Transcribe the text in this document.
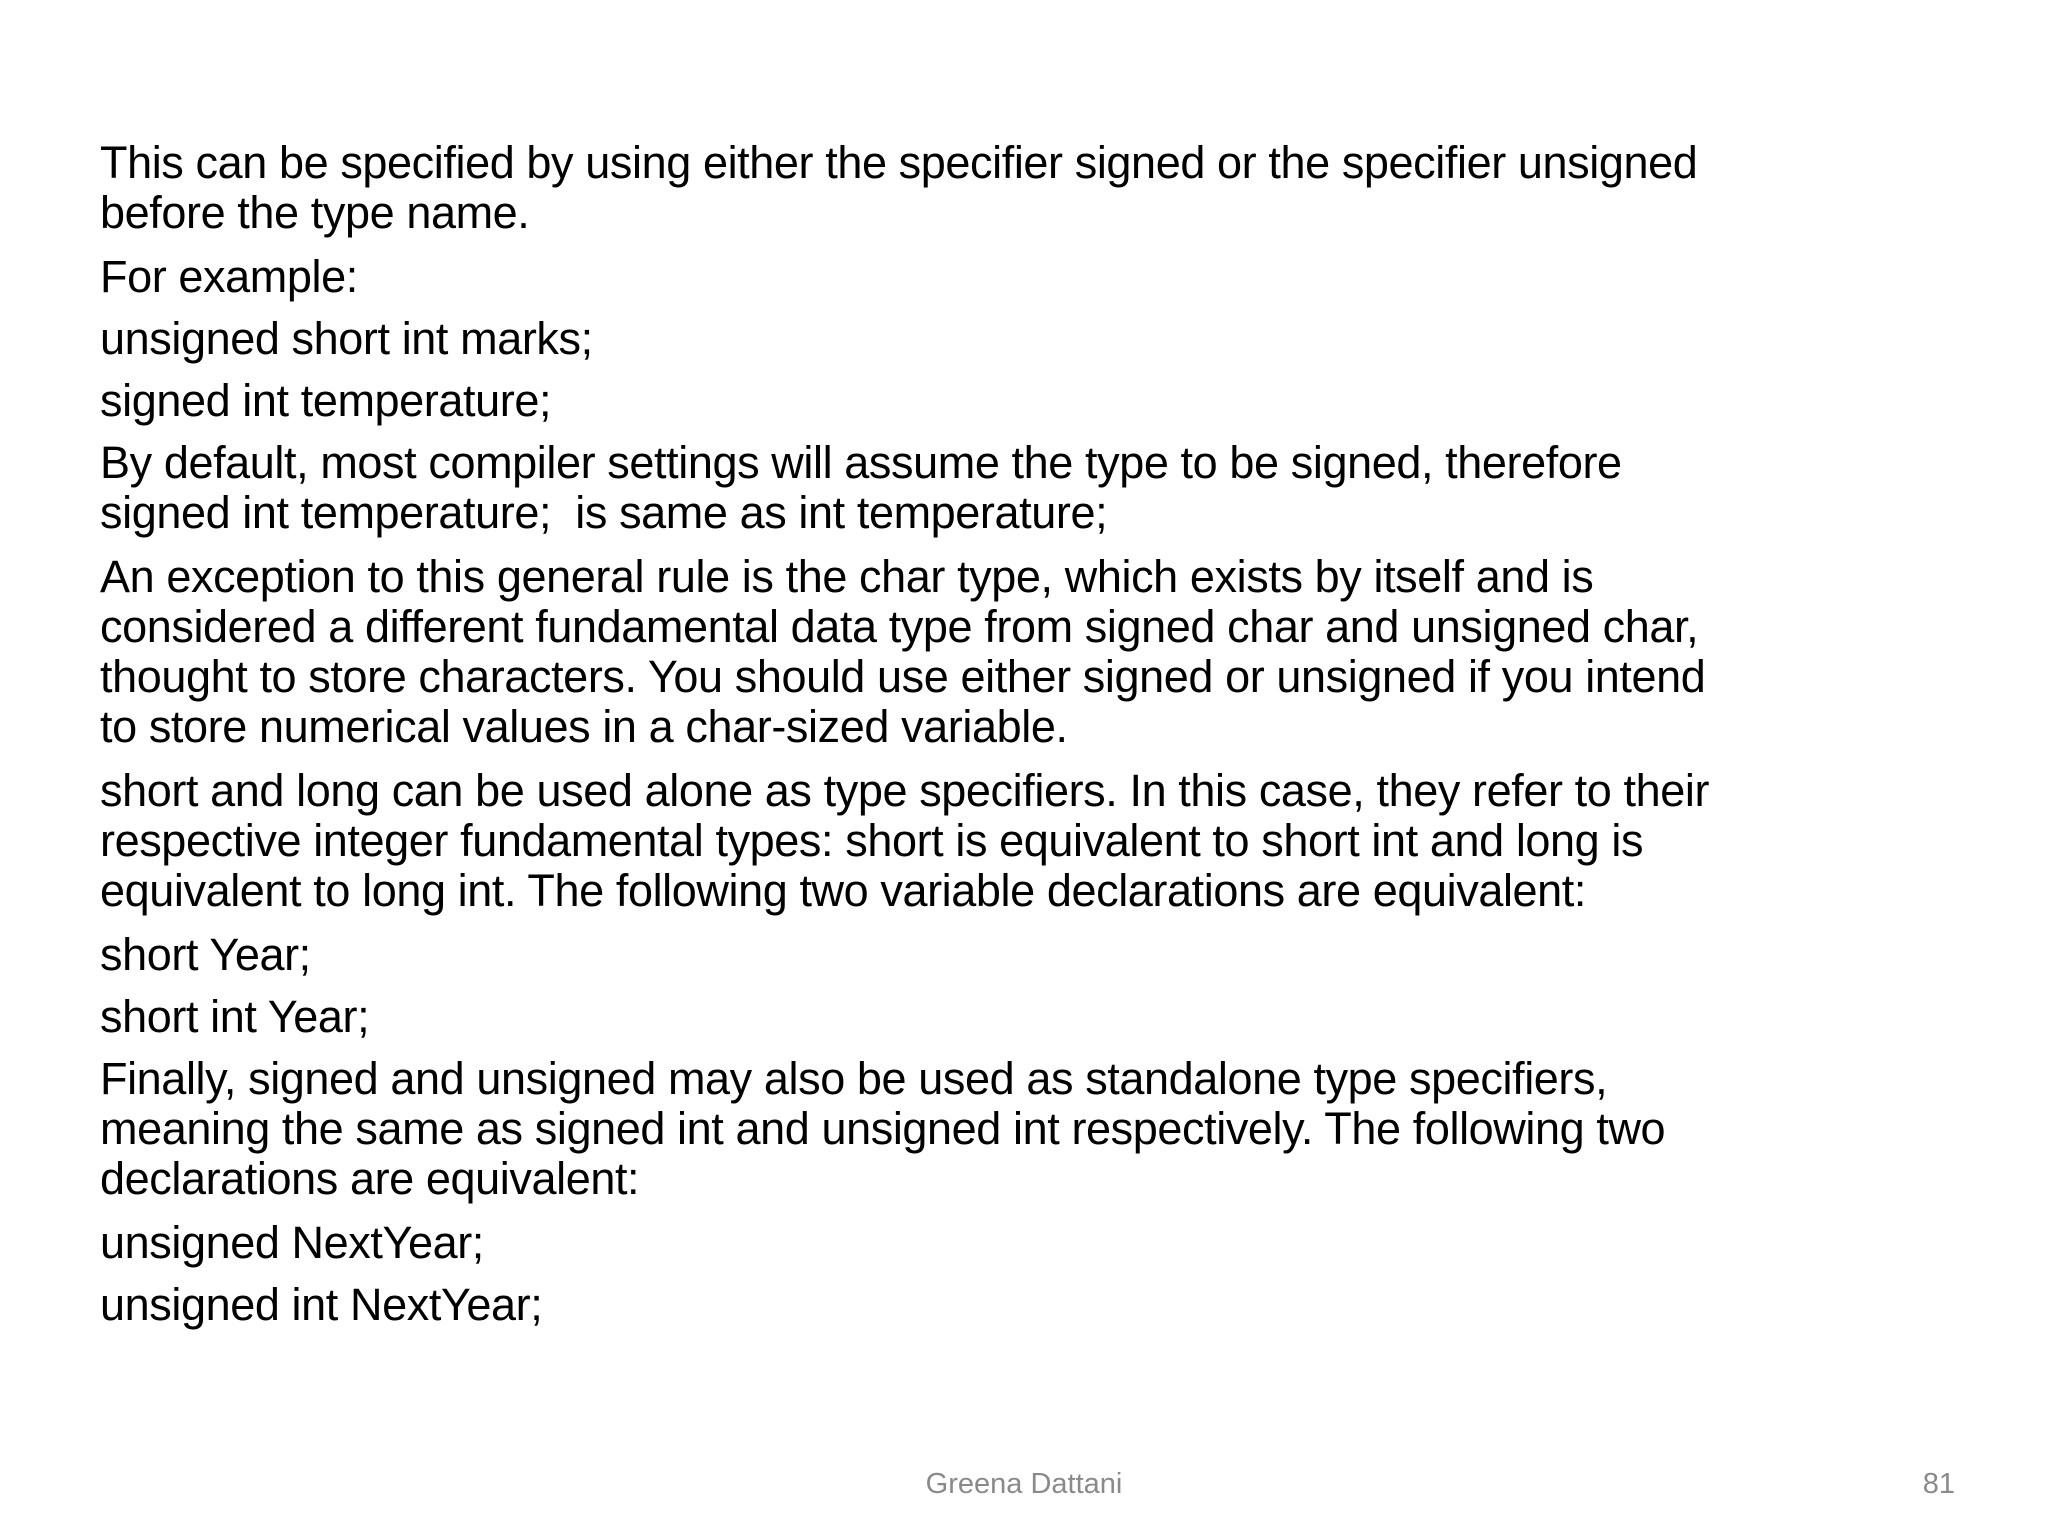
This can be specified by using either the specifier signed or the specifier unsigned
before the type name.

For example:

unsigned short int marks;

signed int temperature;

By default, most compiler settings will assume the type to be signed, therefore
signed int temperature;  is same as int temperature;

An exception to this general rule is the char type, which exists by itself and is
considered a different fundamental data type from signed char and unsigned char,
thought to store characters. You should use either signed or unsigned if you intend
to store numerical values in a char-sized variable.

short and long can be used alone as type specifiers. In this case, they refer to their
respective integer fundamental types: short is equivalent to short int and long is
equivalent to long int. The following two variable declarations are equivalent:

short Year;

short int Year;

Finally, signed and unsigned may also be used as standalone type specifiers,
meaning the same as signed int and unsigned int respectively. The following two
declarations are equivalent:

unsigned NextYear;

unsigned int NextYear;

Greena Dattani	81
